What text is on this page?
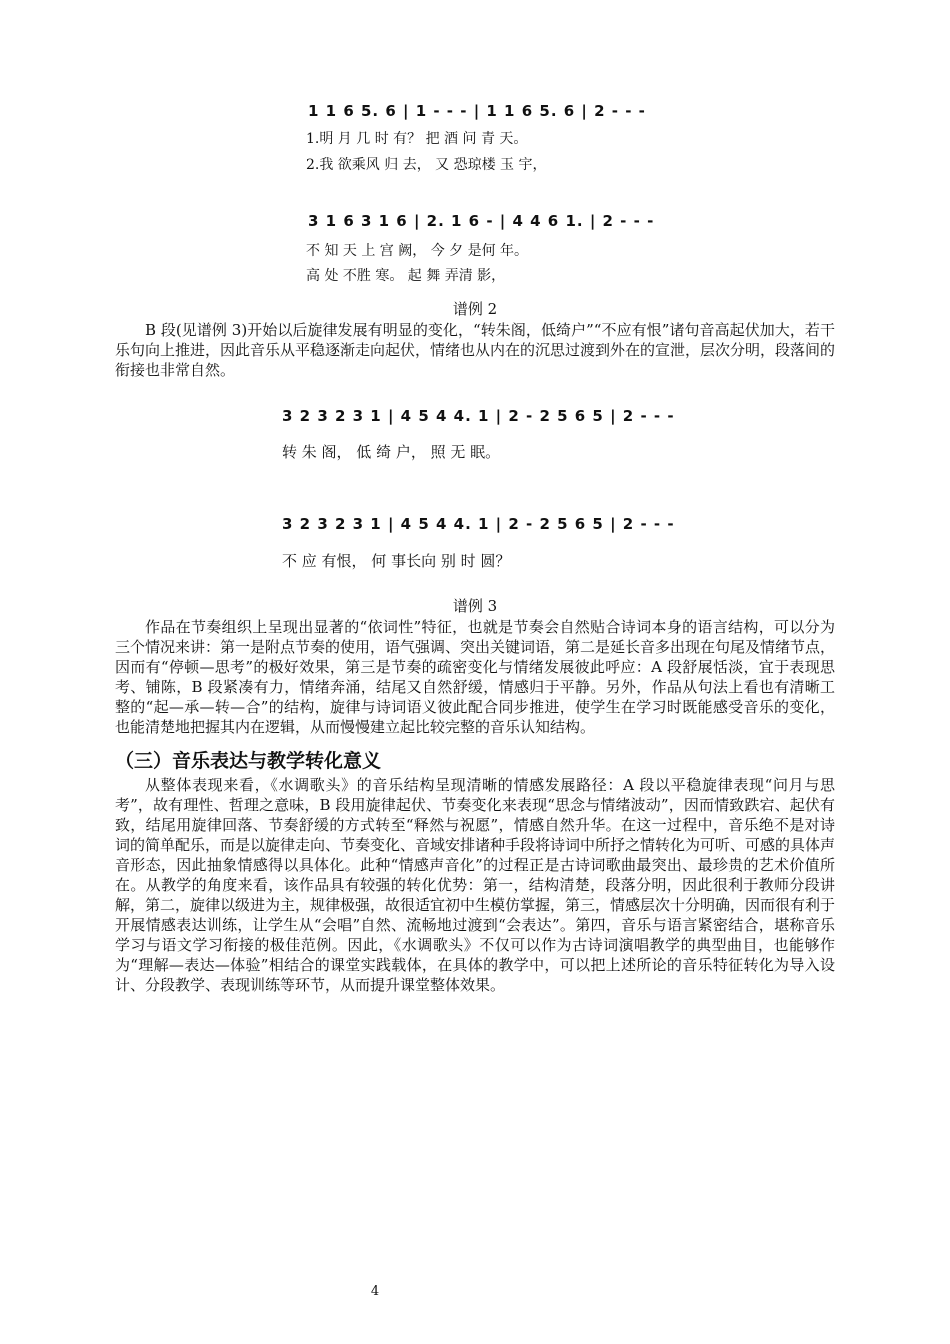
1 1 6 5. 6 | 1 - - - | 1 1 6 5. 6 | 2 - - -
1.明 月 几 时 有？ 把 酒 问 青 天。
2.我 欲乘风 归 去， 又 恐琼楼 玉 宇，
3 1 6 3 1 6 | 2. 1 6 - | 4 4 6 1. | 2 - - -
不 知 天 上 宫 阙， 今 夕 是何 年。
高 处 不胜 寒。 起 舞 弄清 影，
谱例 2

B 段(见谱例 3)开始以后旋律发展有明显的变化，“转朱阁，低绮户”“不应有恨”诸句音高起伏加大，若干乐句向上推进，因此音乐从平稳逐渐走向起伏，情绪也从内在的沉思过渡到外在的宣泄，层次分明，段落间的衔接也非常自然。

3 2 3 2 3 1 | 4 5 4 4. 1 | 2 - 2 5 6 5 | 2 - - -
转 朱 阁， 低 绮 户， 照 无 眠。
3 2 3 2 3 1 | 4 5 4 4. 1 | 2 - 2 5 6 5 | 2 - - -
不 应 有恨， 何 事长向 别 时 圆？
谱例 3

作品在节奏组织上呈现出显著的“依词性”特征，也就是节奏会自然贴合诗词本身的语言结构，可以分为三个情况来讲：第一是附点节奏的使用，语气强调、突出关键词语，第二是延长音多出现在句尾及情绪节点，因而有“停顿—思考”的极好效果，第三是节奏的疏密变化与情绪发展彼此呼应：A 段舒展恬淡，宜于表现思考、铺陈，B 段紧凑有力，情绪奔涌，结尾又自然舒缓，情感归于平静。另外，作品从句法上看也有清晰工整的“起—承—转—合”的结构，旋律与诗词语义彼此配合同步推进，使学生在学习时既能感受音乐的变化，也能清楚地把握其内在逻辑，从而慢慢建立起比较完整的音乐认知结构。

（三）音乐表达与教学转化意义

从整体表现来看，《水调歌头》的音乐结构呈现清晰的情感发展路径：A 段以平稳旋律表现“问月与思考”，故有理性、哲理之意味，B 段用旋律起伏、节奏变化来表现“思念与情绪波动”，因而情致跌宕、起伏有致，结尾用旋律回落、节奏舒缓的方式转至“释然与祝愿”，情感自然升华。在这一过程中，音乐绝不是对诗词的简单配乐，而是以旋律走向、节奏变化、音域安排诸种手段将诗词中所抒之情转化为可听、可感的具体声音形态，因此抽象情感得以具体化。此种“情感声音化”的过程正是古诗词歌曲最突出、最珍贵的艺术价值所在。从教学的角度来看，该作品具有较强的转化优势：第一，结构清楚，段落分明，因此很利于教师分段讲解，第二，旋律以级进为主，规律极强，故很适宜初中生模仿掌握，第三，情感层次十分明确，因而很有利于开展情感表达训练，让学生从“会唱”自然、流畅地过渡到“会表达”。第四，音乐与语言紧密结合，堪称音乐学习与语文学习衔接的极佳范例。因此，《水调歌头》不仅可以作为古诗词演唱教学的典型曲目，也能够作为“理解—表达—体验”相结合的课堂实践载体，在具体的教学中，可以把上述所论的音乐特征转化为导入设计、分段教学、表现训练等环节，从而提升课堂整体效果。

4
